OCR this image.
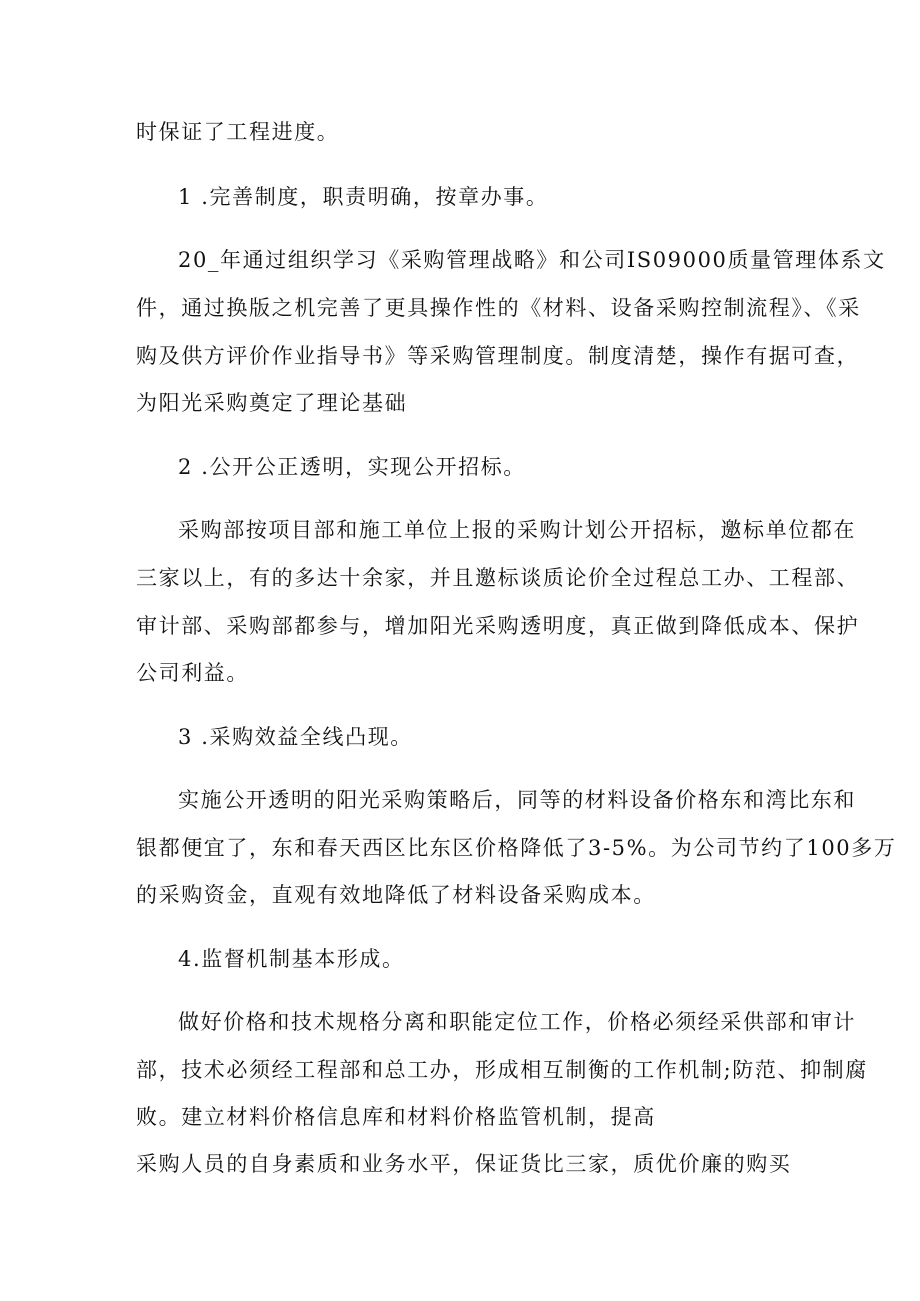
时保证了工程进度。
1 .完善制度，职责明确，按章办事。
20_年通过组织学习《采购管理战略》和公司IS09000质量管理体系文
件，通过换版之机完善了更具操作性的《材料、设备采购控制流程》、《采
购及供方评价作业指导书》等采购管理制度。制度清楚，操作有据可查，
为阳光采购奠定了理论基础
2 .公开公正透明，实现公开招标。
采购部按项目部和施工单位上报的采购计划公开招标，邀标单位都在
三家以上，有的多达十余家，并且邀标谈质论价全过程总工办、工程部、
审计部、采购部都参与，增加阳光采购透明度，真正做到降低成本、保护
公司利益。
3 .采购效益全线凸现。
实施公开透明的阳光采购策略后，同等的材料设备价格东和湾比东和
银都便宜了，东和春天西区比东区价格降低了3-5%。为公司节约了100多万
的采购资金，直观有效地降低了材料设备采购成本。
4.监督机制基本形成。
做好价格和技术规格分离和职能定位工作，价格必须经采供部和审计
部，技术必须经工程部和总工办，形成相互制衡的工作机制;防范、抑制腐
败。建立材料价格信息库和材料价格监管机制，提高
采购人员的自身素质和业务水平，保证货比三家，质优价廉的购买
